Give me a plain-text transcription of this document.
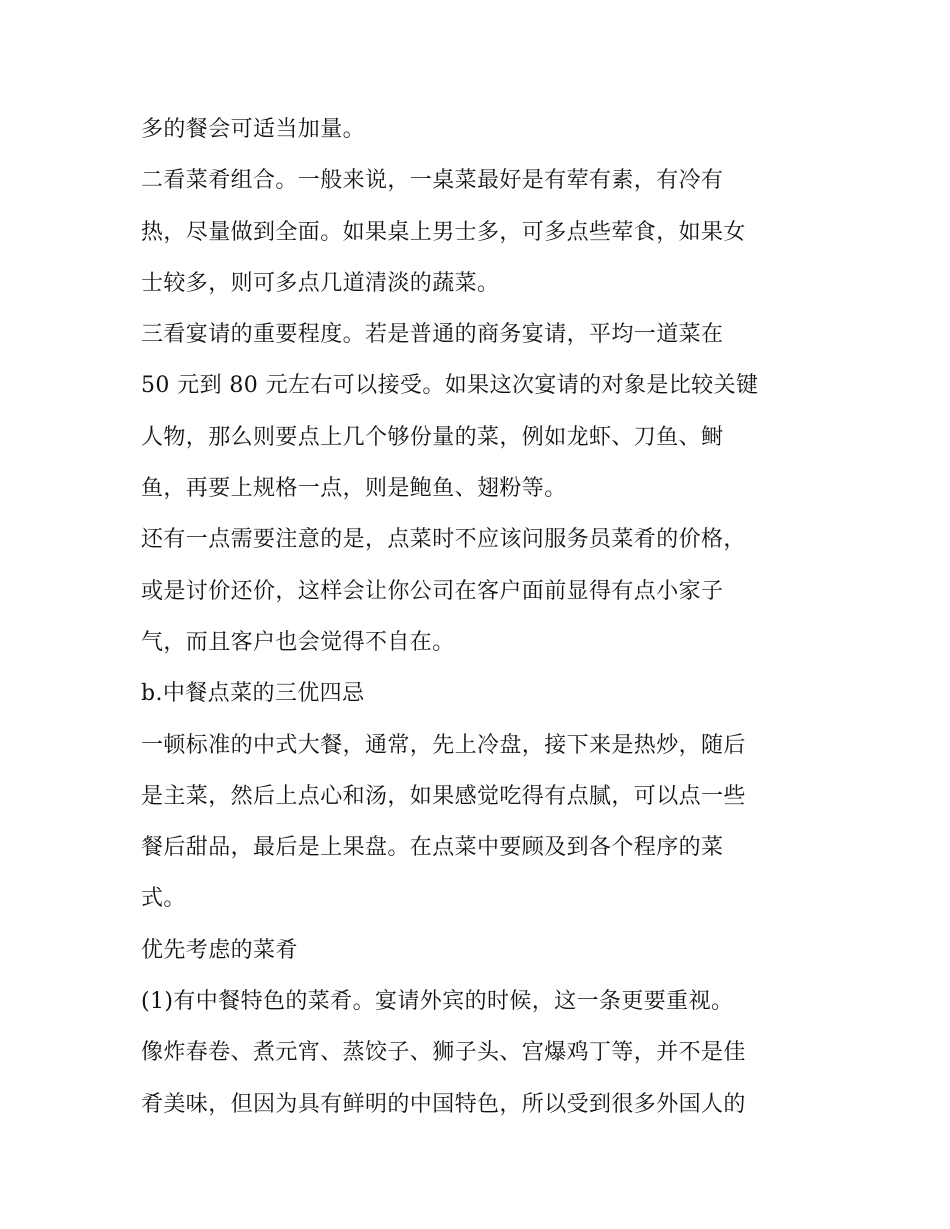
多的餐会可适当加量。
二看菜肴组合。一般来说，一桌菜最好是有荤有素，有冷有
热，尽量做到全面。如果桌上男士多，可多点些荤食，如果女
士较多，则可多点几道清淡的蔬菜。
三看宴请的重要程度。若是普通的商务宴请，平均一道菜在
50 元到 80 元左右可以接受。如果这次宴请的对象是比较关键
人物，那么则要点上几个够份量的菜，例如龙虾、刀鱼、鲥
鱼，再要上规格一点，则是鲍鱼、翅粉等。
还有一点需要注意的是，点菜时不应该问服务员菜肴的价格，
或是讨价还价，这样会让你公司在客户面前显得有点小家子
气，而且客户也会觉得不自在。
b.中餐点菜的三优四忌
一顿标准的中式大餐，通常，先上冷盘，接下来是热炒，随后
是主菜，然后上点心和汤，如果感觉吃得有点腻，可以点一些
餐后甜品，最后是上果盘。在点菜中要顾及到各个程序的菜
式。
优先考虑的菜肴
(1)有中餐特色的菜肴。宴请外宾的时候，这一条更要重视。
像炸春卷、煮元宵、蒸饺子、狮子头、宫爆鸡丁等，并不是佳
肴美味，但因为具有鲜明的中国特色，所以受到很多外国人的
